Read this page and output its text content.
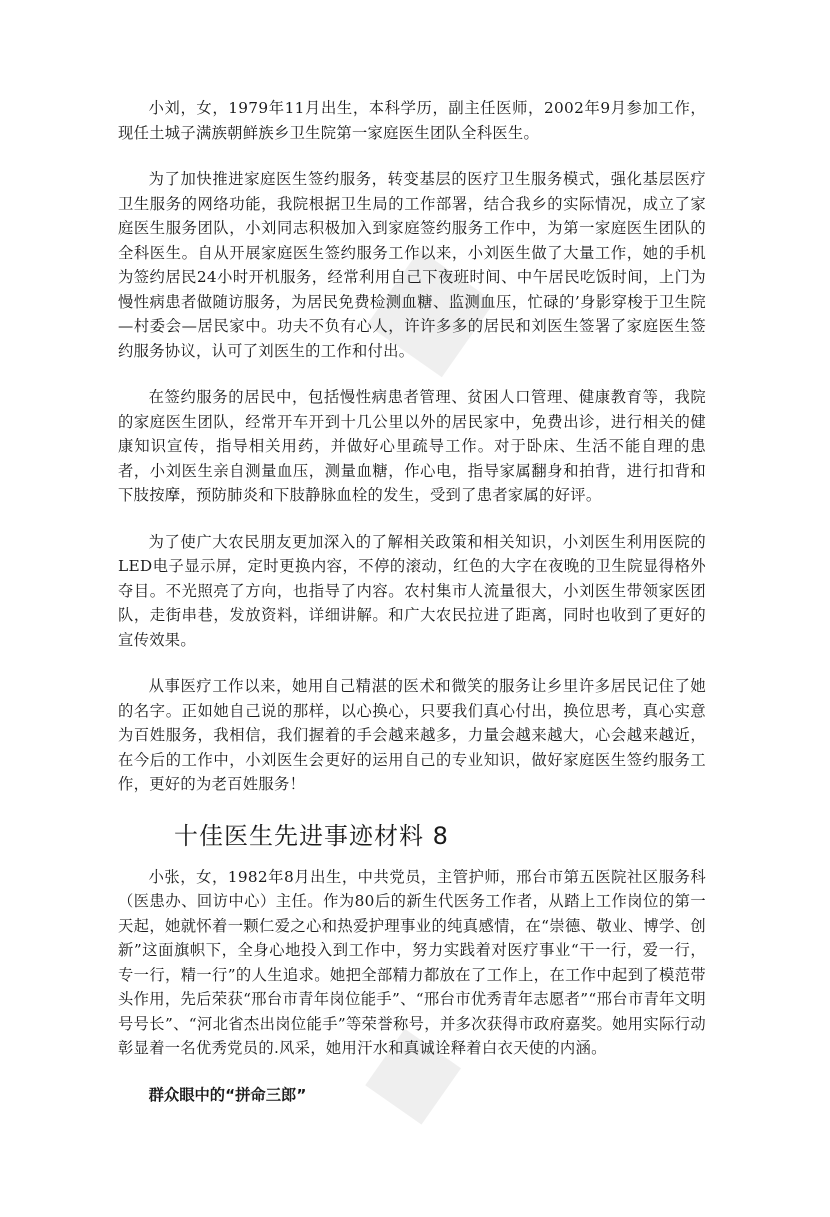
■
■

小刘，女，1979年11月出生，本科学历，副主任医师，2002年9月参加工作，现任土城子满族朝鲜族乡卫生院第一家庭医生团队全科医生。

为了加快推进家庭医生签约服务，转变基层的医疗卫生服务模式，强化基层医疗卫生服务的网络功能，我院根据卫生局的工作部署，结合我乡的实际情况，成立了家庭医生服务团队，小刘同志积极加入到家庭签约服务工作中，为第一家庭医生团队的全科医生。自从开展家庭医生签约服务工作以来，小刘医生做了大量工作，她的手机为签约居民24小时开机服务，经常利用自己下夜班时间、中午居民吃饭时间，上门为慢性病患者做随访服务，为居民免费检测血糖、监测血压，忙碌的’身影穿梭于卫生院—村委会—居民家中。功夫不负有心人，许许多多的居民和刘医生签署了家庭医生签约服务协议，认可了刘医生的工作和付出。

在签约服务的居民中，包括慢性病患者管理、贫困人口管理、健康教育等，我院的家庭医生团队，经常开车开到十几公里以外的居民家中，免费出诊，进行相关的健康知识宣传，指导相关用药，并做好心里疏导工作。对于卧床、生活不能自理的患者，小刘医生亲自测量血压，测量血糖，作心电，指导家属翻身和拍背，进行扣背和下肢按摩，预防肺炎和下肢静脉血栓的发生，受到了患者家属的好评。

为了使广大农民朋友更加深入的了解相关政策和相关知识，小刘医生利用医院的LED电子显示屏，定时更换内容，不停的滚动，红色的大字在夜晚的卫生院显得格外夺目。不光照亮了方向，也指导了内容。农村集市人流量很大，小刘医生带领家医团队，走街串巷，发放资料，详细讲解。和广大农民拉进了距离，同时也收到了更好的宣传效果。

从事医疗工作以来，她用自己精湛的医术和微笑的服务让乡里许多居民记住了她的名字。正如她自己说的那样，以心换心，只要我们真心付出，换位思考，真心实意为百姓服务，我相信，我们握着的手会越来越多，力量会越来越大，心会越来越近，在今后的工作中，小刘医生会更好的运用自己的专业知识，做好家庭医生签约服务工作，更好的为老百姓服务！

十佳医生先进事迹材料 8

小张，女，1982年8月出生，中共党员，主管护师，邢台市第五医院社区服务科（医患办、回访中心）主任。作为80后的新生代医务工作者，从踏上工作岗位的第一天起，她就怀着一颗仁爱之心和热爱护理事业的纯真感情，在“崇德、敬业、博学、创新”这面旗帜下，全身心地投入到工作中，努力实践着对医疗事业“干一行，爱一行，专一行，精一行”的人生追求。她把全部精力都放在了工作上，在工作中起到了模范带头作用，先后荣获“邢台市青年岗位能手”、“邢台市优秀青年志愿者”“邢台市青年文明号号长”、“河北省杰出岗位能手”等荣誉称号，并多次获得市政府嘉奖。她用实际行动彰显着一名优秀党员的.风采，她用汗水和真诚诠释着白衣天使的内涵。

群众眼中的“拼命三郎”
